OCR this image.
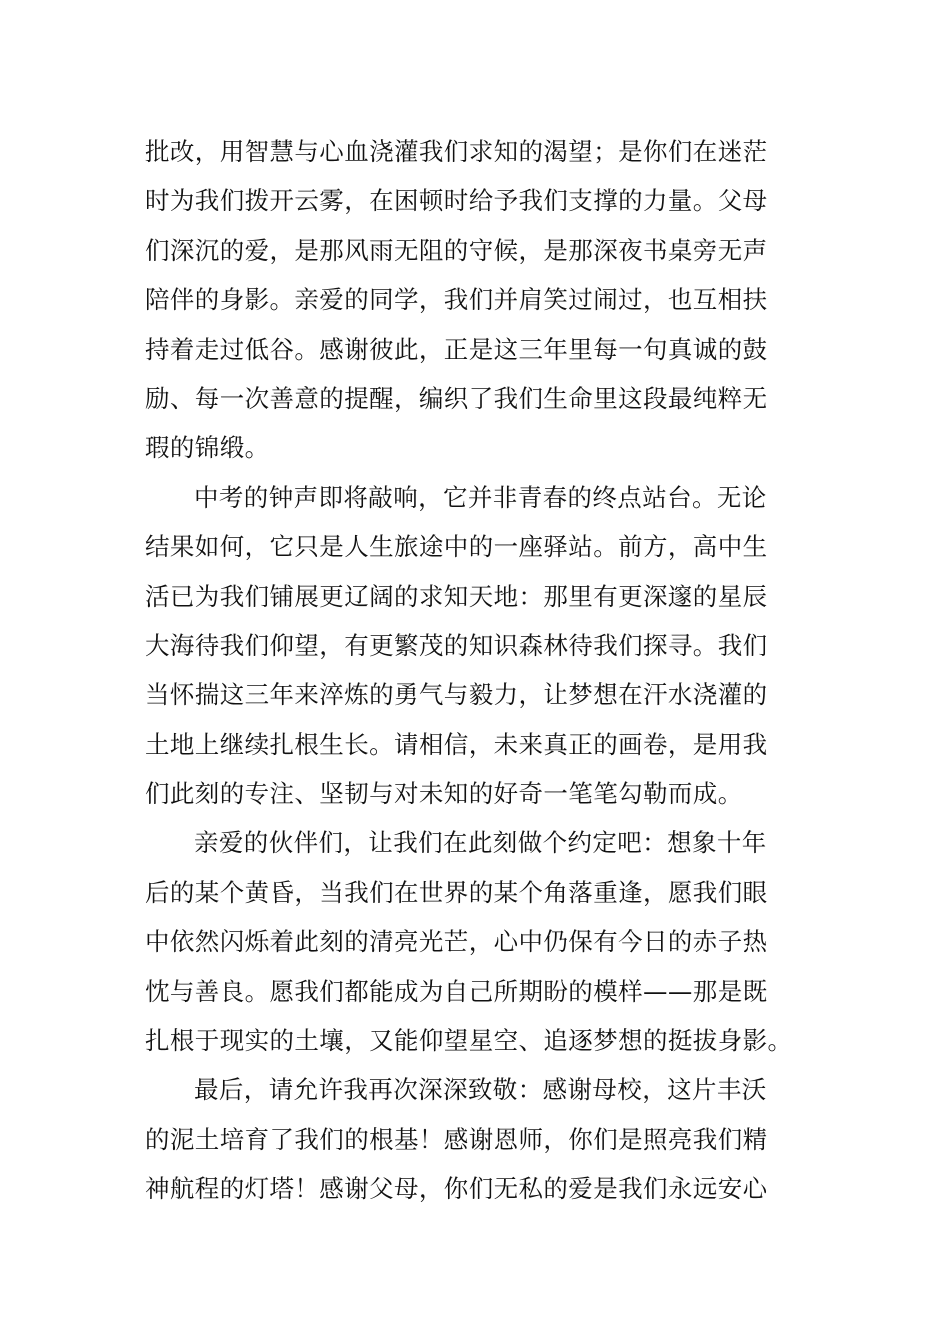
批改，用智慧与心血浇灌我们求知的渴望；是你们在迷茫
时为我们拨开云雾，在困顿时给予我们支撑的力量。父母
们深沉的爱，是那风雨无阻的守候，是那深夜书桌旁无声
陪伴的身影。亲爱的同学，我们并肩笑过闹过，也互相扶
持着走过低谷。感谢彼此，正是这三年里每一句真诚的鼓
励、每一次善意的提醒，编织了我们生命里这段最纯粹无
瑕的锦缎。
中考的钟声即将敲响，它并非青春的终点站台。无论
结果如何，它只是人生旅途中的一座驿站。前方，高中生
活已为我们铺展更辽阔的求知天地：那里有更深邃的星辰
大海待我们仰望，有更繁茂的知识森林待我们探寻。我们
当怀揣这三年来淬炼的勇气与毅力，让梦想在汗水浇灌的
土地上继续扎根生长。请相信，未来真正的画卷，是用我
们此刻的专注、坚韧与对未知的好奇一笔笔勾勒而成。
亲爱的伙伴们，让我们在此刻做个约定吧：想象十年
后的某个黄昏，当我们在世界的某个角落重逢，愿我们眼
中依然闪烁着此刻的清亮光芒，心中仍保有今日的赤子热
忱与善良。愿我们都能成为自己所期盼的模样——那是既
扎根于现实的土壤，又能仰望星空、追逐梦想的挺拔身影。
最后，请允许我再次深深致敬：感谢母校，这片丰沃
的泥土培育了我们的根基！感谢恩师，你们是照亮我们精
神航程的灯塔！感谢父母，你们无私的爱是我们永远安心
